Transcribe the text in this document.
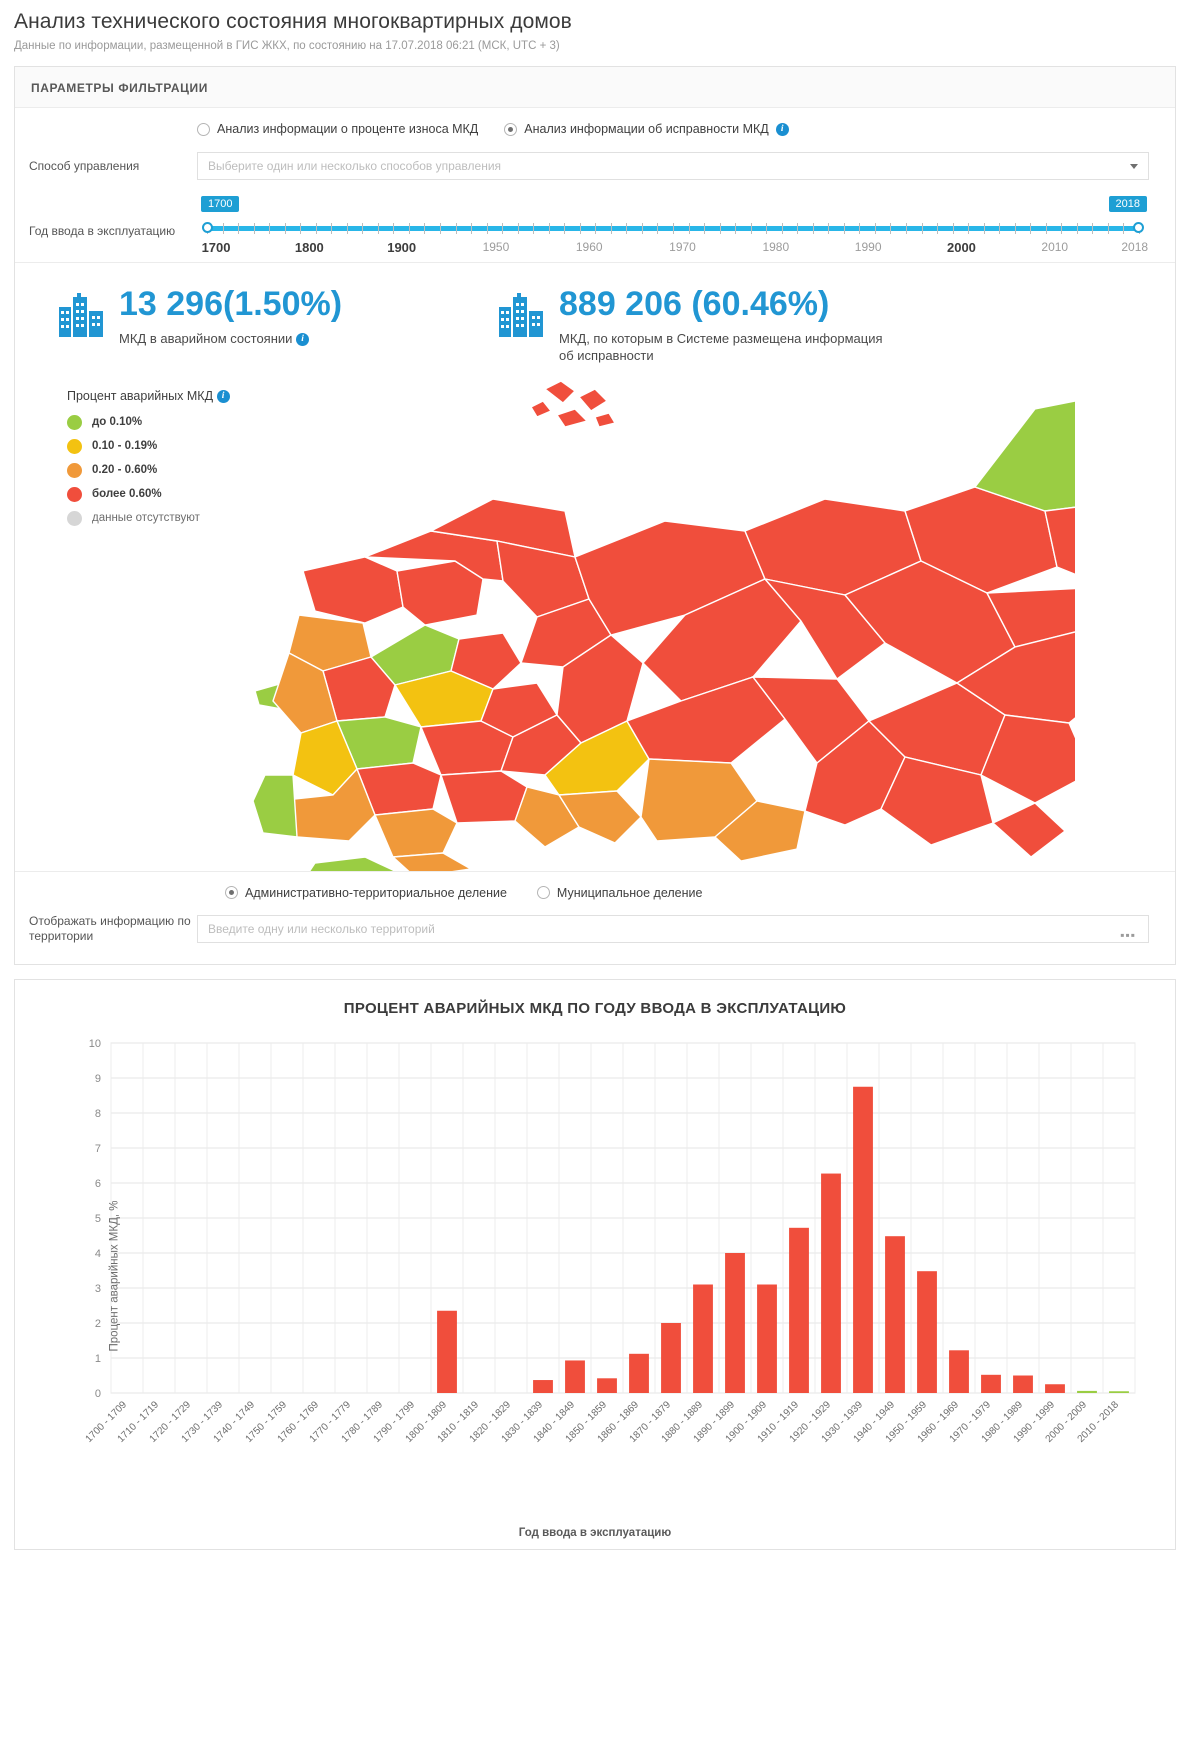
Анализ технического состояния многоквартирных домов

Данные по информации, размещенной в ГИС ЖКХ, по состоянию на 17.07.2018 06:21 (МСК, UTC + 3)

ПАРАМЕТРЫ ФИЛЬТРАЦИИ
Анализ информации о проценте износа МКД	Анализ информации об исправности МКД	i
Способ управления	Выберите один или несколько способов управления
Год ввода в эксплуатацию
1700	2018
1700	1800	1900	1950	1960	1970	1980	1990	2000	2010	2018
13 296(1.50%)
МКД в аварийном состоянии i
889 206 (60.46%)
МКД, по которым в Системе размещена информация об исправности
Процент аварийных МКД i
до 0.10%
0.10 - 0.19%
0.20 - 0.60%
более 0.60%
данные отсутствуют
Административно-территориальное деление	Муниципальное деление
Отображать информацию по территории	Введите одну или несколько территорий	▪▪▪
ПРОЦЕНТ АВАРИЙНЫХ МКД ПО ГОДУ ВВОДА В ЭКСПЛУАТАЦИЮ
Процент аварийных МКД, %
0
1
2
3
4
5
6
7
8
9
10
1700 - 1709
1710 - 1719
1720 - 1729
1730 - 1739
1740 - 1749
1750 - 1759
1760 - 1769
1770 - 1779
1780 - 1789
1790 - 1799
1800 - 1809
1810 - 1819
1820 - 1829
1830 - 1839
1840 - 1849
1850 - 1859
1860 - 1869
1870 - 1879
1880 - 1889
1890 - 1899
1900 - 1909
1910 - 1919
1920 - 1929
1930 - 1939
1940 - 1949
1950 - 1959
1960 - 1969
1970 - 1979
1980 - 1989
1990 - 1999
2000 - 2009
2010 - 2018
Год ввода в эксплуатацию
